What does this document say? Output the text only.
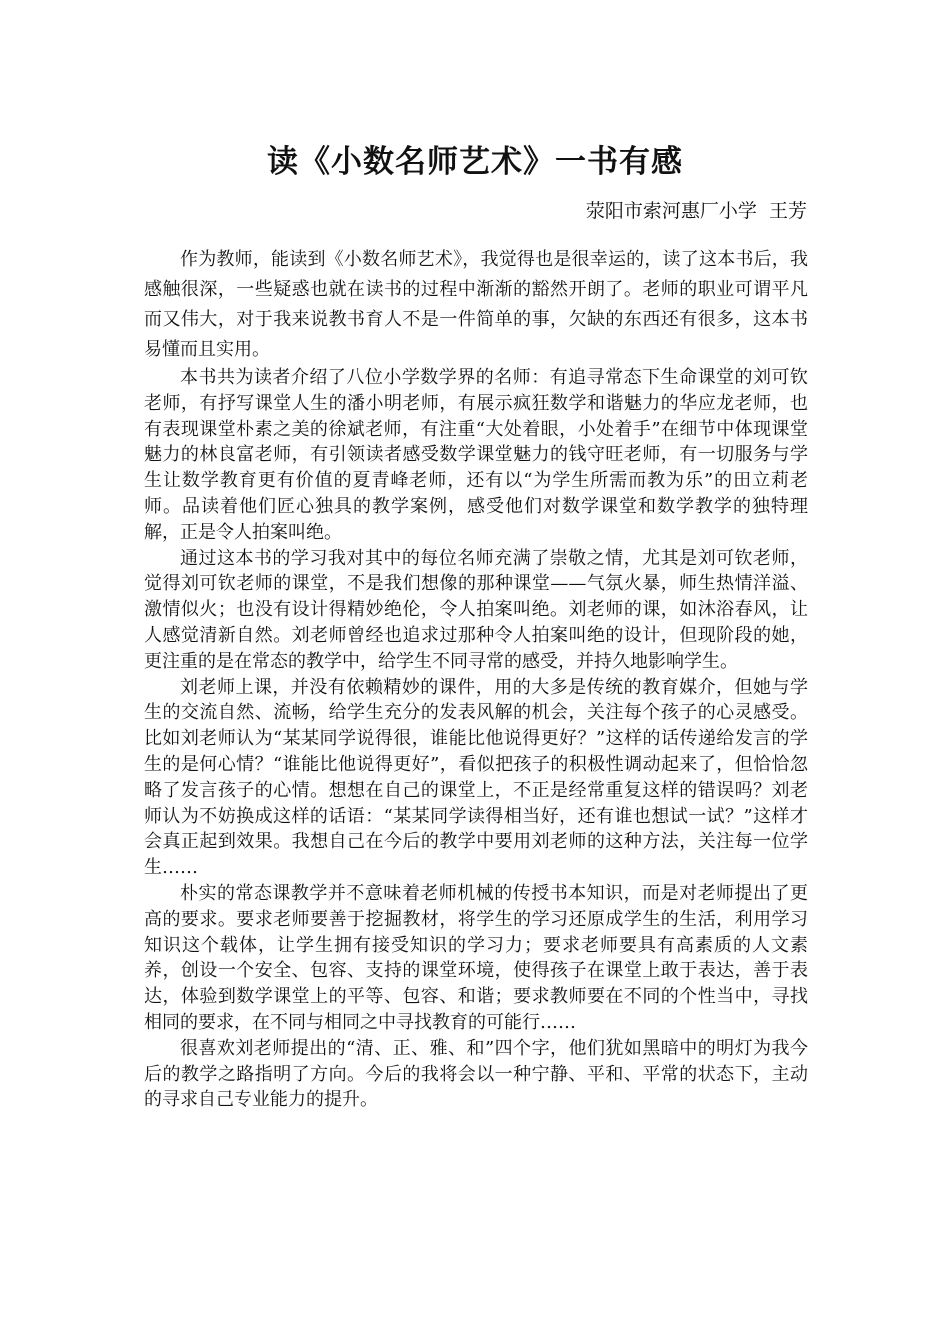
读《小数名师艺术》一书有感
荥阳市索河惠厂小学  王芳

作为教师，能读到《小数名师艺术》，我觉得也是很幸运的，读了这本书后，我感触很深，一些疑惑也就在读书的过程中渐渐的豁然开朗了。老师的职业可谓平凡而又伟大，对于我来说教书育人不是一件简单的事，欠缺的东西还有很多，这本书易懂而且实用。

本书共为读者介绍了八位小学数学界的名师：有追寻常态下生命课堂的刘可钦老师，有抒写课堂人生的潘小明老师，有展示疯狂数学和谐魅力的华应龙老师，也有表现课堂朴素之美的徐斌老师，有注重“大处着眼，小处着手”在细节中体现课堂魅力的林良富老师，有引领读者感受数学课堂魅力的钱守旺老师，有一切服务与学生让数学教育更有价值的夏青峰老师，还有以“为学生所需而教为乐”的田立莉老师。品读着他们匠心独具的教学案例，感受他们对数学课堂和数学教学的独特理解，正是令人拍案叫绝。

通过这本书的学习我对其中的每位名师充满了崇敬之情，尤其是刘可钦老师，觉得刘可钦老师的课堂，不是我们想像的那种课堂——气氛火暴，师生热情洋溢、激情似火；也没有设计得精妙绝伦，令人拍案叫绝。刘老师的课，如沐浴春风，让人感觉清新自然。刘老师曾经也追求过那种令人拍案叫绝的设计，但现阶段的她，更注重的是在常态的教学中，给学生不同寻常的感受，并持久地影响学生。

刘老师上课，并没有依赖精妙的课件，用的大多是传统的教育媒介，但她与学生的交流自然、流畅，给学生充分的发表风解的机会，关注每个孩子的心灵感受。比如刘老师认为“某某同学说得很，谁能比他说得更好？”这样的话传递给发言的学生的是何心情？“谁能比他说得更好”，看似把孩子的积极性调动起来了，但恰恰忽略了发言孩子的心情。想想在自己的课堂上，不正是经常重复这样的错误吗？刘老师认为不妨换成这样的话语：“某某同学读得相当好，还有谁也想试一试？”这样才会真正起到效果。我想自己在今后的教学中要用刘老师的这种方法，关注每一位学生……

朴实的常态课教学并不意味着老师机械的传授书本知识，而是对老师提出了更高的要求。要求老师要善于挖掘教材，将学生的学习还原成学生的生活，利用学习知识这个载体，让学生拥有接受知识的学习力；要求老师要具有高素质的人文素养，创设一个安全、包容、支持的课堂环境，使得孩子在课堂上敢于表达，善于表达，体验到数学课堂上的平等、包容、和谐；要求教师要在不同的个性当中，寻找相同的要求，在不同与相同之中寻找教育的可能行……

很喜欢刘老师提出的“清、正、雅、和”四个字，他们犹如黑暗中的明灯为我今后的教学之路指明了方向。今后的我将会以一种宁静、平和、平常的状态下，主动的寻求自己专业能力的提升。
